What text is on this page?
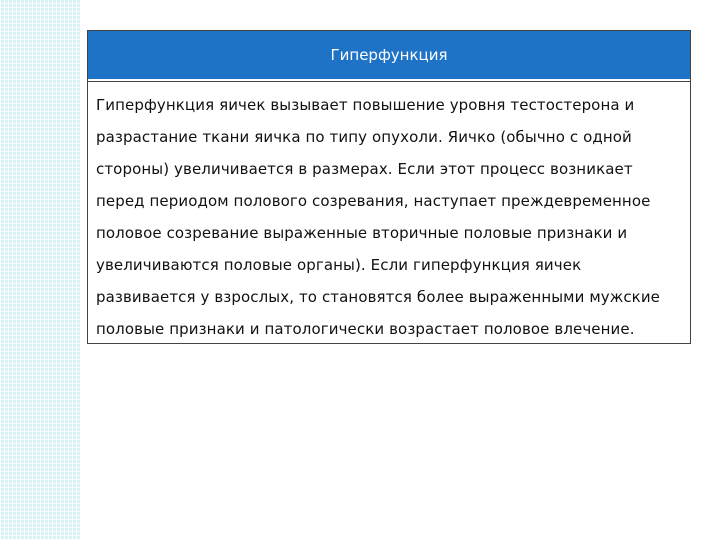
Гиперфункция
Гиперфункция яичек вызывает повышение уровня тестостерона и разрастание ткани яичка по типу опухоли. Яичко (обычно с одной стороны) увеличивается в размерах. Если этот процесс возникает перед периодом полового созревания, наступает преждевременное половое созревание выраженные вторичные половые признаки и увеличиваются половые органы). Если гиперфункция яичек развивается у взрослых, то становятся более выраженными мужские половые признаки и патологически возрастает половое влечение.
